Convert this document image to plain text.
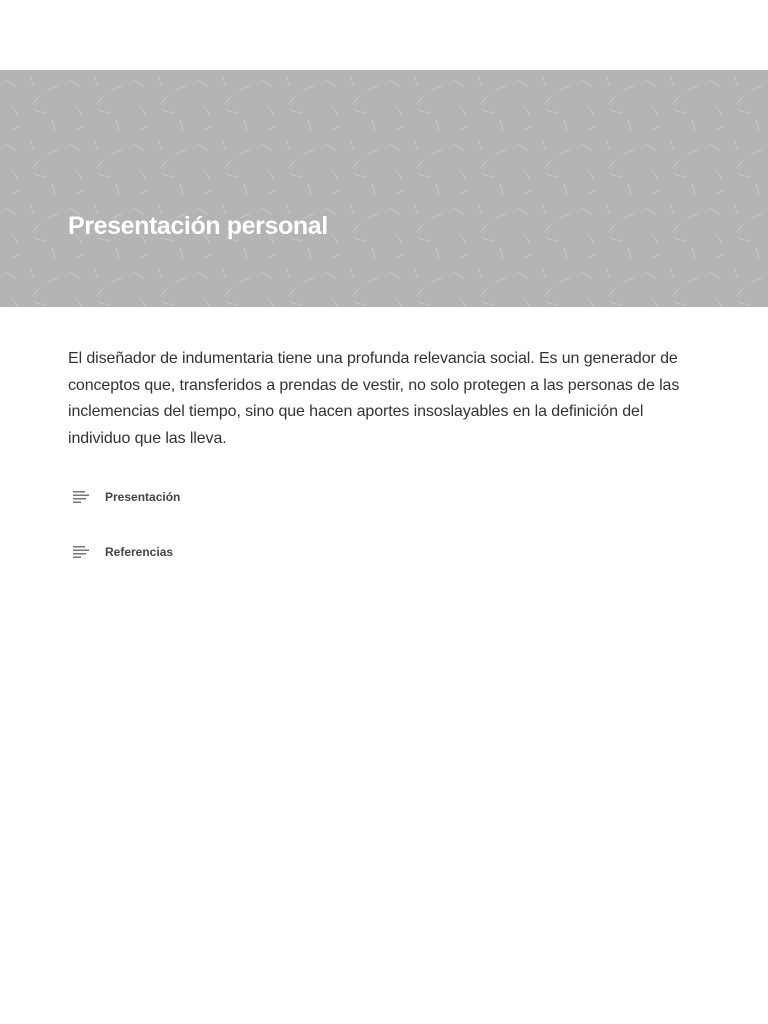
Presentación personal

El diseñador de indumentaria tiene una profunda relevancia social. Es un generador de conceptos que, transferidos a prendas de vestir, no solo protegen a las personas de las inclemencias del tiempo, sino que hacen aportes insoslayables en la definición del individuo que las lleva.

Presentación
Referencias
